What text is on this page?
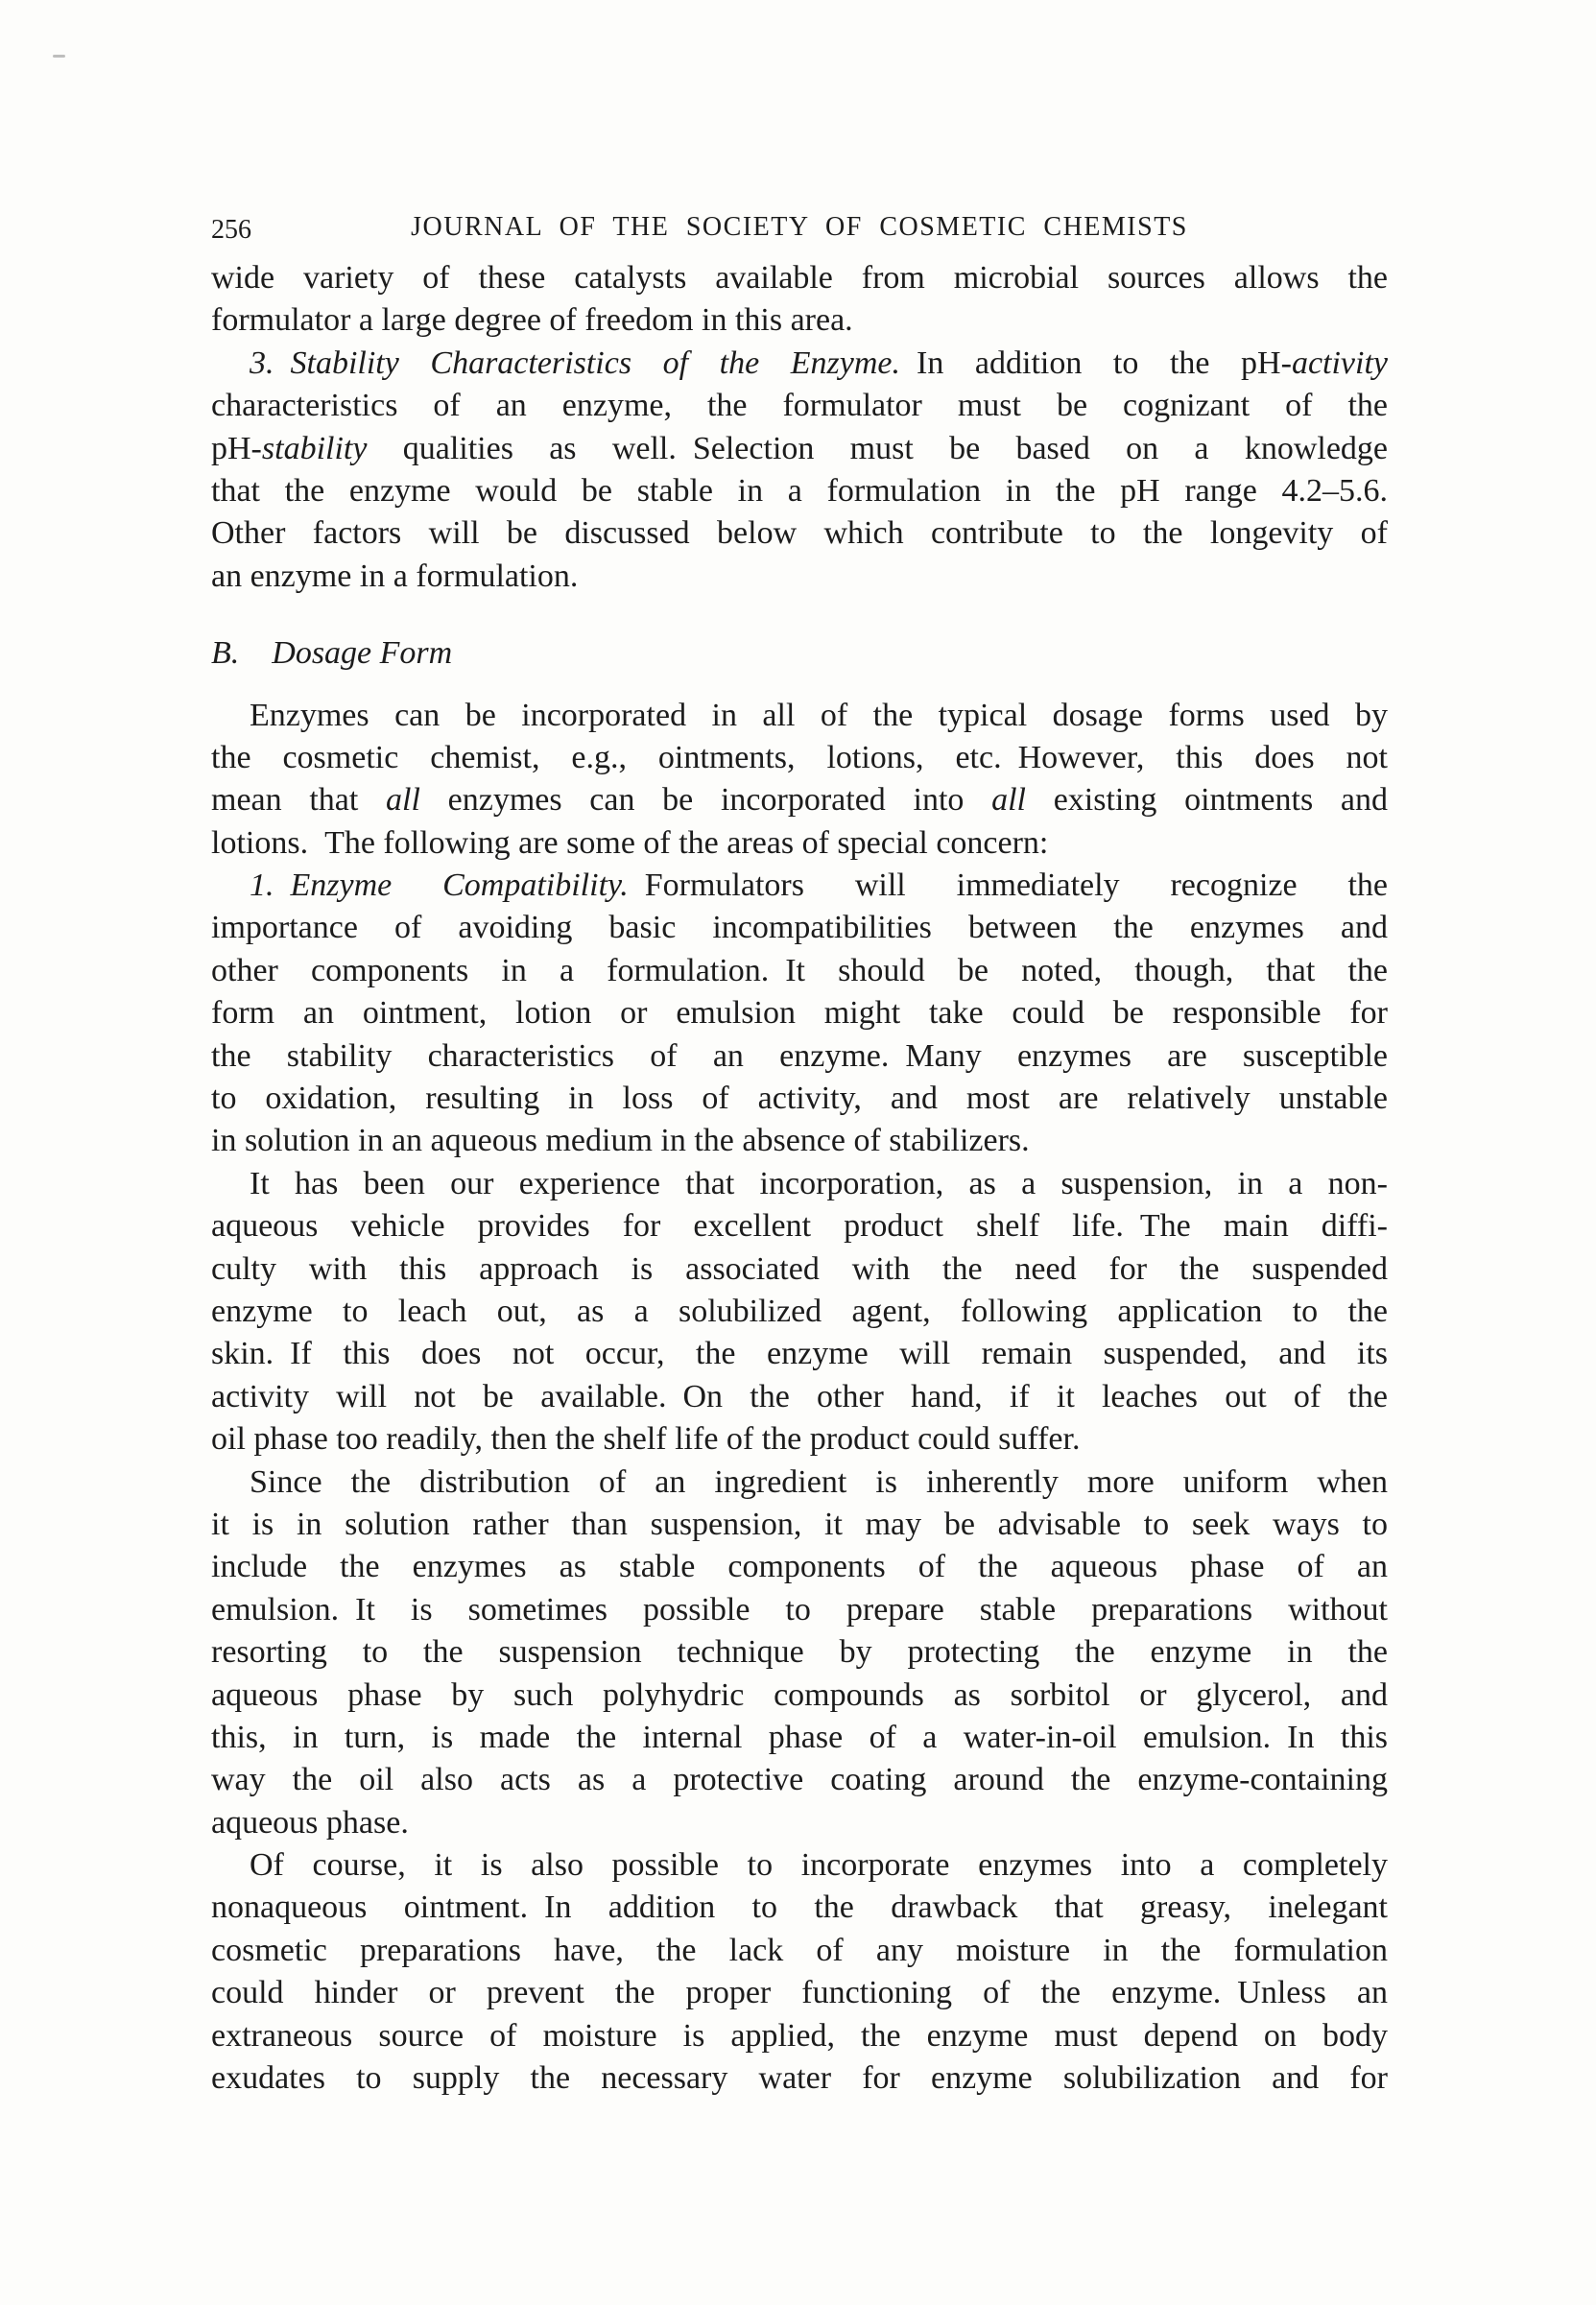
256	JOURNAL OF THE SOCIETY OF COSMETIC CHEMISTS
wide variety of these catalysts available from microbial sources allows the
formulator a large degree of freedom in this area.
3. Stability Characteristics of the Enzyme. In addition to the pH-activity
characteristics of an enzyme, the formulator must be cognizant of the
pH-stability qualities as well. Selection must be based on a knowledge
that the enzyme would be stable in a formulation in the pH range 4.2–5.6.
Other factors will be discussed below which contribute to the longevity of
an enzyme in a formulation.
B. Dosage Form
Enzymes can be incorporated in all of the typical dosage forms used by
the cosmetic chemist, e.g., ointments, lotions, etc. However, this does not
mean that all enzymes can be incorporated into all existing ointments and
lotions. The following are some of the areas of special concern:
1. Enzyme Compatibility. Formulators will immediately recognize the
importance of avoiding basic incompatibilities between the enzymes and
other components in a formulation. It should be noted, though, that the
form an ointment, lotion or emulsion might take could be responsible for
the stability characteristics of an enzyme. Many enzymes are susceptible
to oxidation, resulting in loss of activity, and most are relatively unstable
in solution in an aqueous medium in the absence of stabilizers.
It has been our experience that incorporation, as a suspension, in a non-
aqueous vehicle provides for excellent product shelf life. The main diffi-
culty with this approach is associated with the need for the suspended
enzyme to leach out, as a solubilized agent, following application to the
skin. If this does not occur, the enzyme will remain suspended, and its
activity will not be available. On the other hand, if it leaches out of the
oil phase too readily, then the shelf life of the product could suffer.
Since the distribution of an ingredient is inherently more uniform when
it is in solution rather than suspension, it may be advisable to seek ways to
include the enzymes as stable components of the aqueous phase of an
emulsion. It is sometimes possible to prepare stable preparations without
resorting to the suspension technique by protecting the enzyme in the
aqueous phase by such polyhydric compounds as sorbitol or glycerol, and
this, in turn, is made the internal phase of a water-in-oil emulsion. In this
way the oil also acts as a protective coating around the enzyme-containing
aqueous phase.
Of course, it is also possible to incorporate enzymes into a completely
nonaqueous ointment. In addition to the drawback that greasy, inelegant
cosmetic preparations have, the lack of any moisture in the formulation
could hinder or prevent the proper functioning of the enzyme. Unless an
extraneous source of moisture is applied, the enzyme must depend on body
exudates to supply the necessary water for enzyme solubilization and for
